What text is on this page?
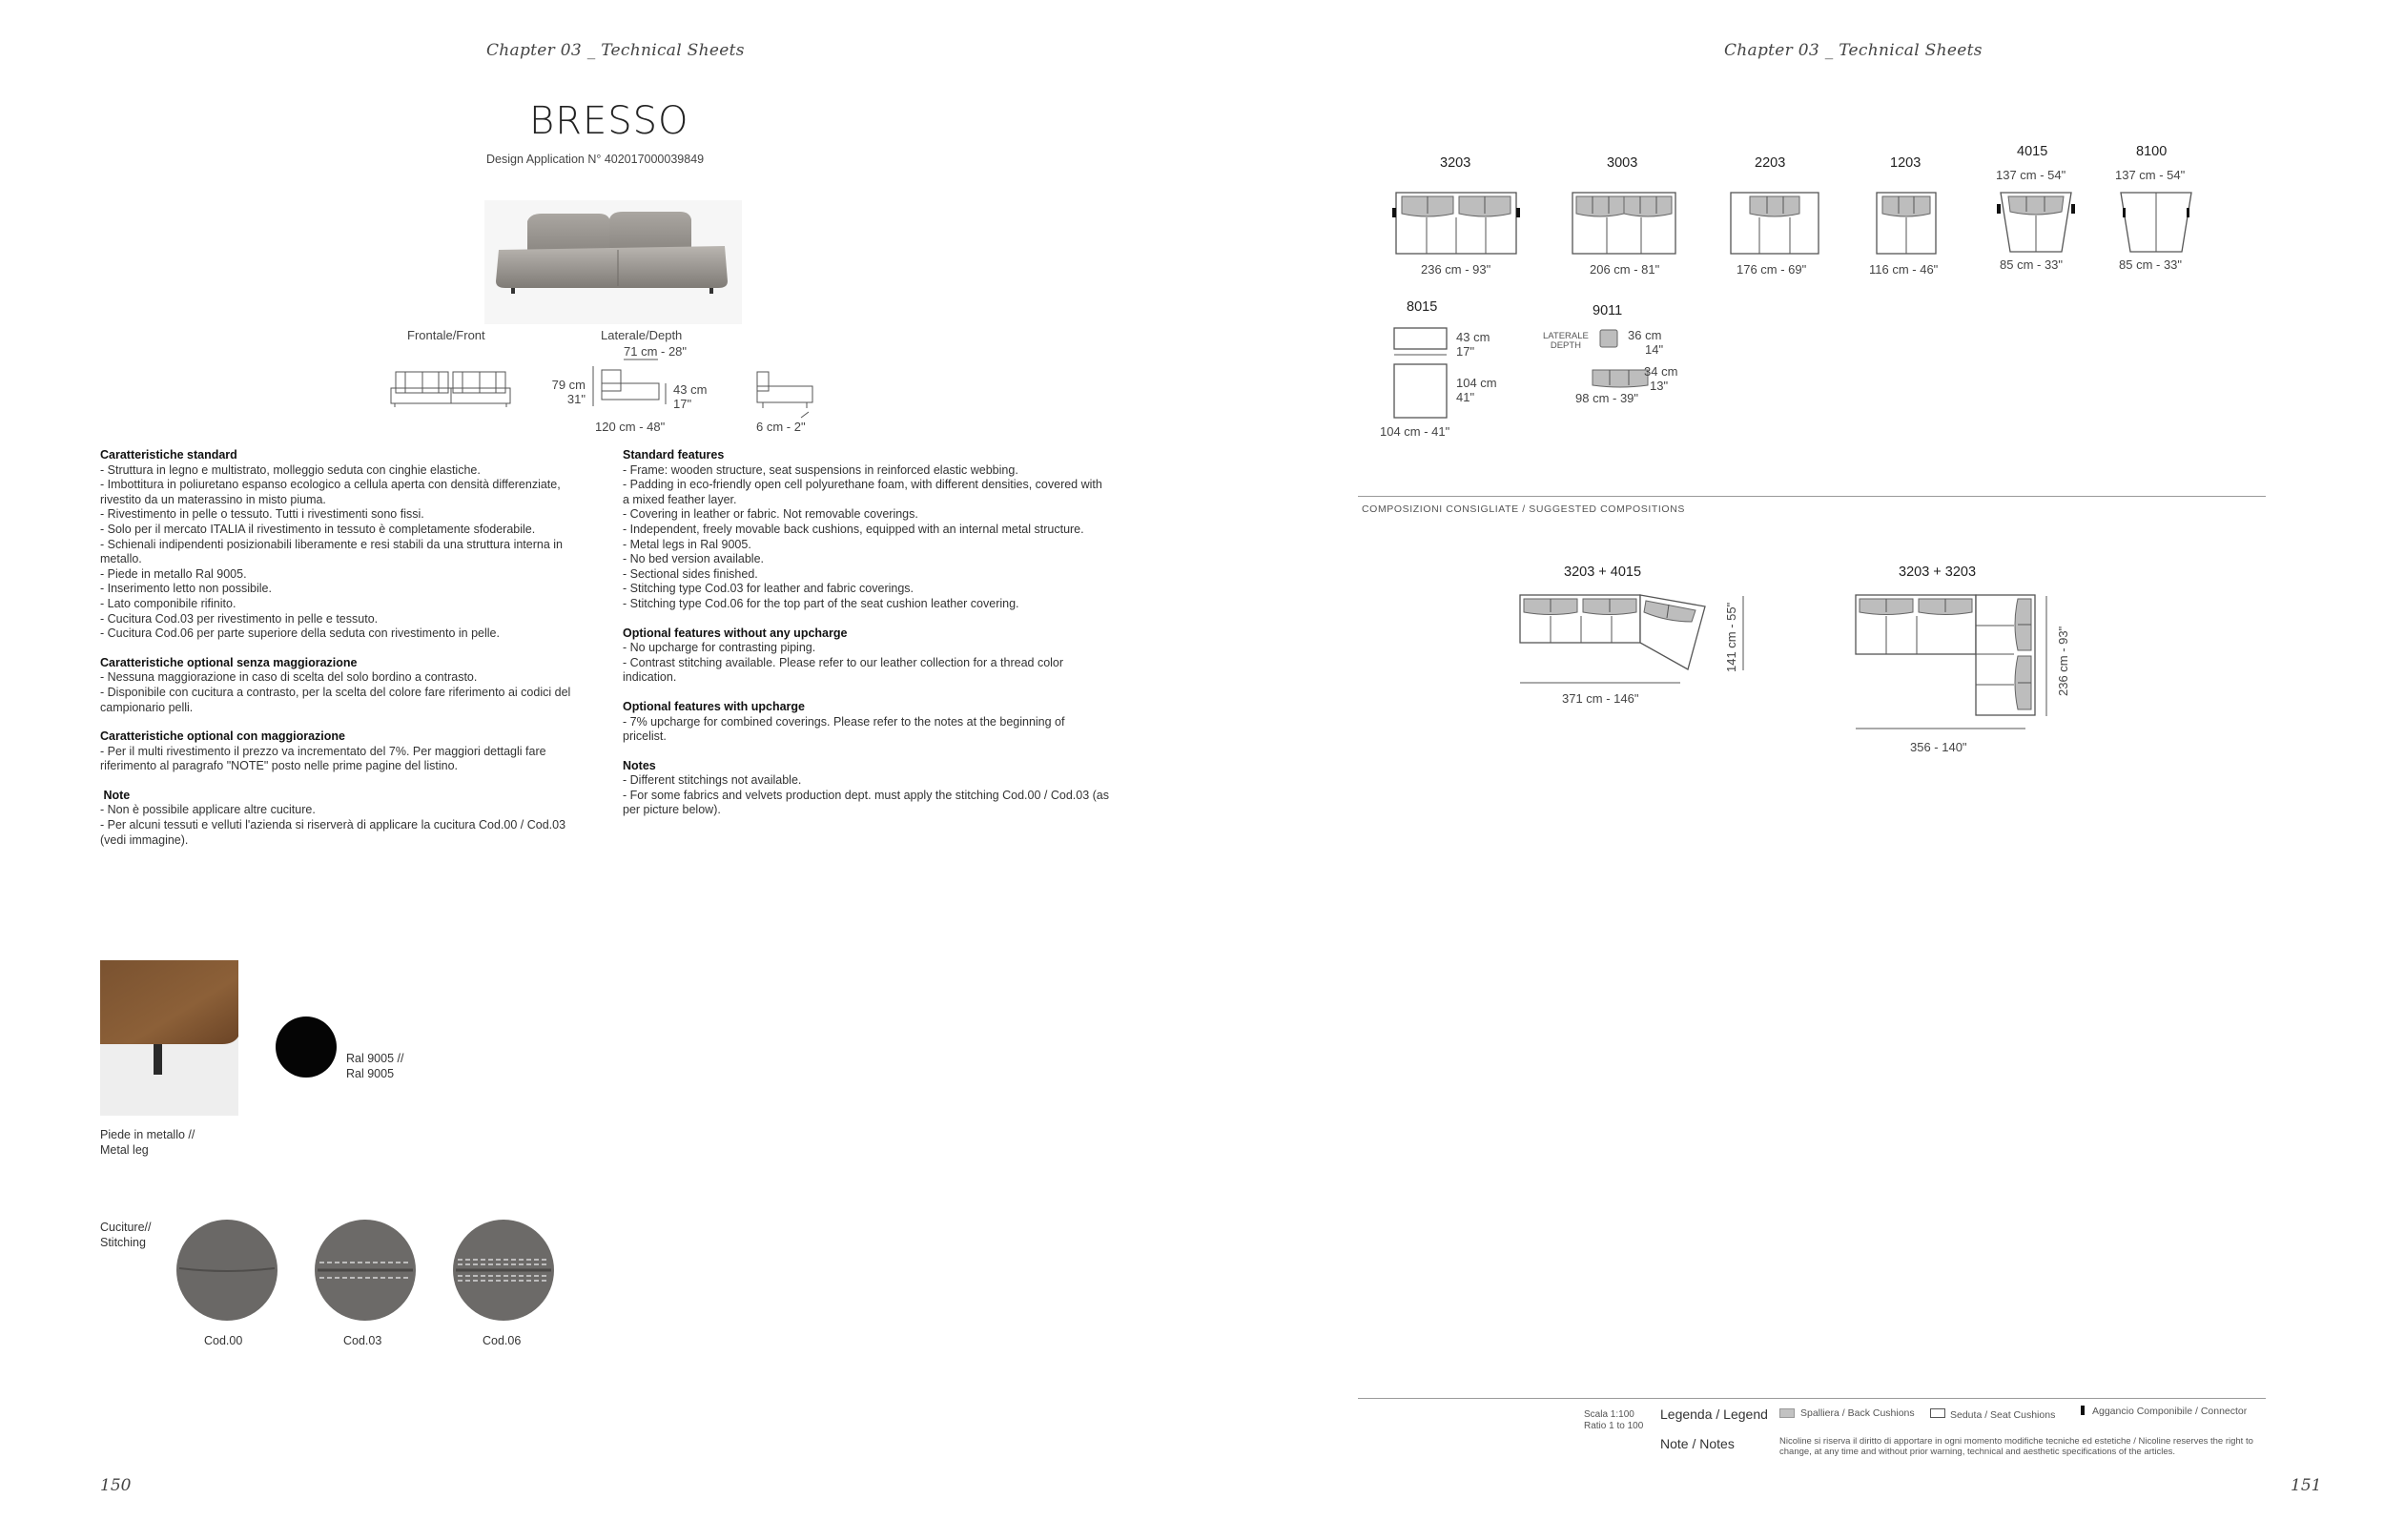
Chapter 03 _ Technical Sheets
BRESSO
Design Application N° 402017000039849
Frontale/Front	Laterale/Depth
71 cm - 28"
79 cm
31"
43 cm
17"
120 cm - 48"	6 cm - 2"

Caratteristiche standard

- Struttura in legno e multistrato, molleggio seduta con cinghie elastiche.
- Imbottitura in poliuretano espanso ecologico a cellula aperta con densità differenziate, rivestito da un materassino in misto piuma.
- Rivestimento in pelle o tessuto. Tutti i rivestimenti sono fissi.
- Solo per il mercato ITALIA il rivestimento in tessuto è completamente sfoderabile.
- Schienali indipendenti posizionabili liberamente e resi stabili da una struttura interna in metallo.
- Piede in metallo Ral 9005.
- Inserimento letto non possibile.
- Lato componibile rifinito.
- Cucitura Cod.03 per rivestimento in pelle e tessuto.
- Cucitura Cod.06 per parte superiore della seduta con rivestimento in pelle.

Caratteristiche optional senza maggiorazione

- Nessuna maggiorazione in caso di scelta del solo bordino a contrasto.
- Disponibile con cucitura a contrasto, per la scelta del colore fare riferimento ai codici del campionario pelli.

Caratteristiche optional con maggiorazione

- Per il multi rivestimento il prezzo va incrementato del 7%. Per maggiori dettagli fare riferimento al paragrafo "NOTE" posto nelle prime pagine del listino.

Note

- Non è possibile applicare altre cuciture.
- Per alcuni tessuti e velluti l'azienda si riserverà di applicare la cucitura Cod.00 / Cod.03 (vedi immagine).

Standard features

- Frame: wooden structure, seat suspensions in reinforced elastic webbing.
- Padding in eco-friendly open cell polyurethane foam, with different densities, covered with a mixed feather layer.
- Covering in leather or fabric. Not removable coverings.
- Independent, freely movable back cushions, equipped with an internal metal structure.
- Metal legs in Ral 9005.
- No bed version available.
- Sectional sides finished.
- Stitching type Cod.03 for leather and fabric coverings.
- Stitching type Cod.06 for the top part of the seat cushion leather covering.

Optional features without any upcharge

- No upcharge for contrasting piping.
- Contrast stitching available. Please refer to our leather collection for a thread color indication.

Optional features with upcharge

- 7% upcharge for combined coverings. Please refer to the notes at the beginning of pricelist.

Notes

- Different stitchings not available.
- For some fabrics and velvets production dept. must apply the stitching Cod.00 / Cod.03 (as per picture below).

Piede in metallo //
Metal leg
Ral 9005 //
Ral 9005
Cuciture//
Stitching
Cod.00	Cod.03	Cod.06
150
Chapter 03 _ Technical Sheets
3203
236 cm - 93"
3003
206 cm - 81"
2203
176 cm - 69"
1203
116 cm - 46"
4015
137 cm - 54"
85 cm - 33"
8100
137 cm - 54"
85 cm - 33"
8015
43 cm
17"
104 cm
41"
104 cm - 41"
9011
LATERALE
DEPTH
36 cm
14"
34 cm
13"
98 cm - 39"
COMPOSIZIONI CONSIGLIATE / SUGGESTED COMPOSITIONS
3203 + 4015
371 cm - 146"
141 cm - 55"
3203 + 3203
356 - 140"
236 cm - 93"
Scala 1:100
Ratio 1 to 100
Legenda / Legend	Spalliera / Back Cushions	Seduta / Seat Cushions	Aggancio Componibile / Connector
Note / Notes	Nicoline si riserva il diritto di apportare in ogni momento modifiche tecniche ed estetiche / Nicoline reserves the right to change, at any time and without prior warning, technical and aesthetic specifications of the articles.
151
